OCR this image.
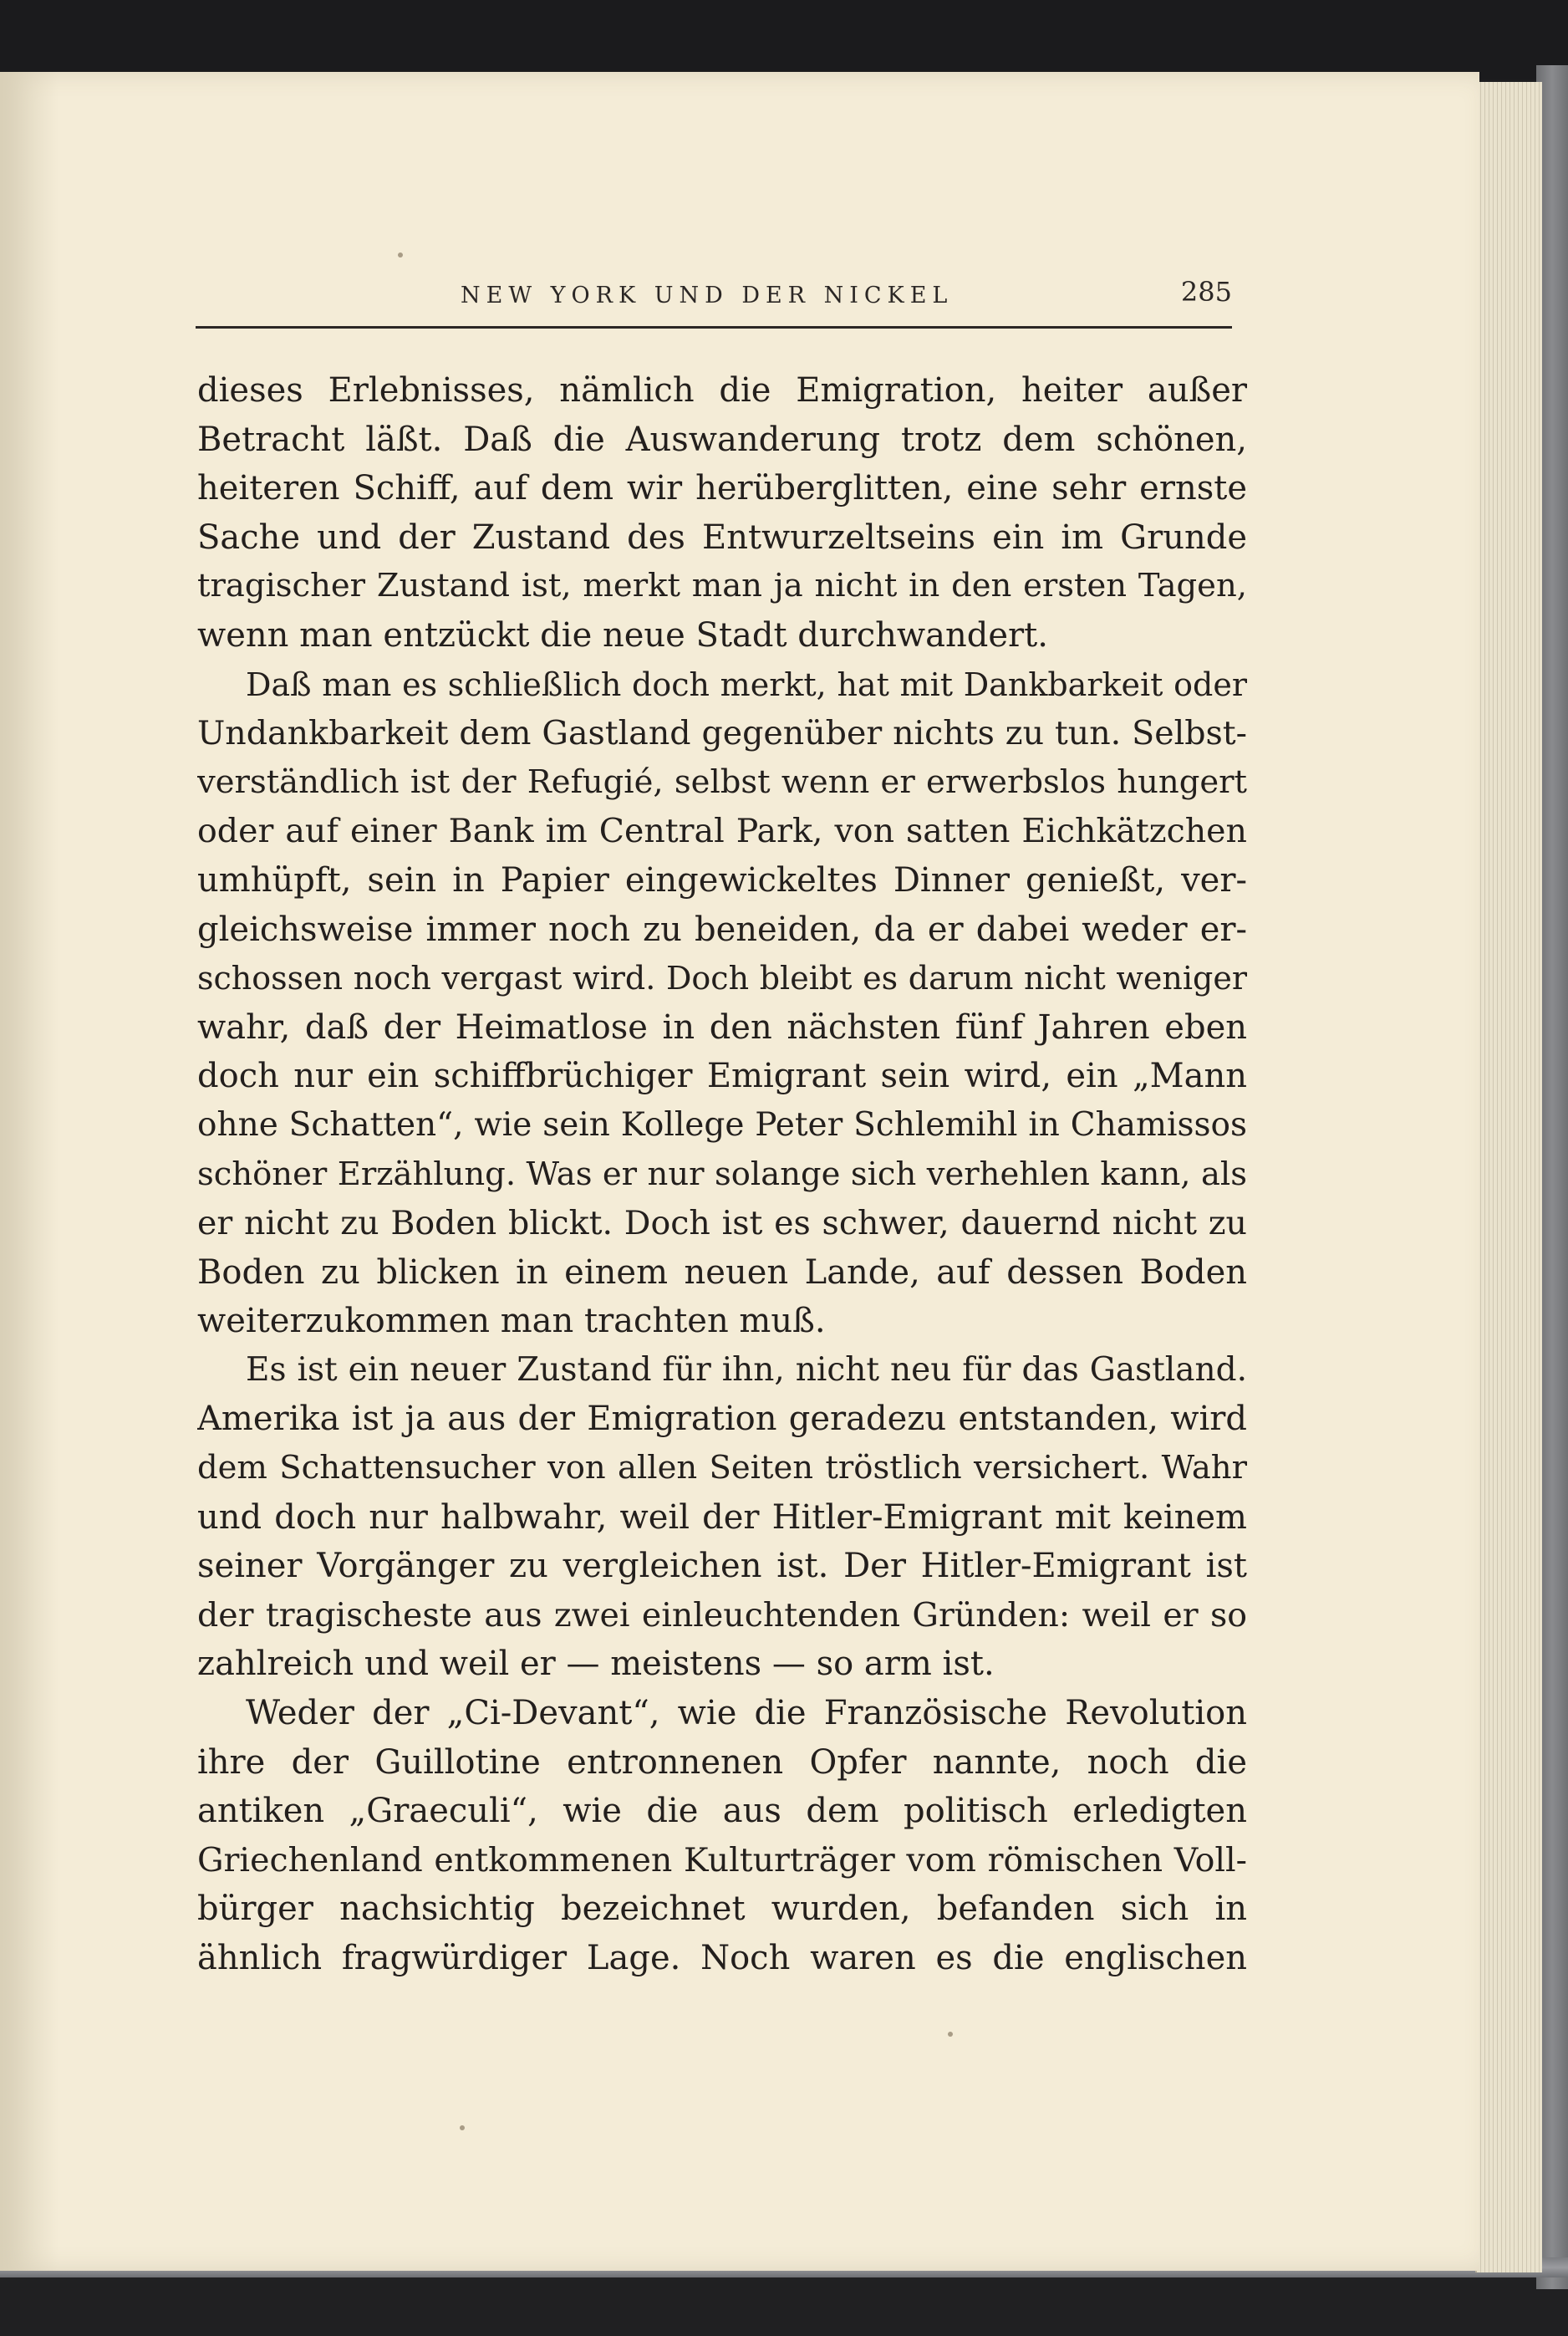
NEW YORK UND DER NICKEL	285
dieses Erlebnisses, nämlich die Emigration, heiter außer
Betracht läßt. Daß die Auswanderung trotz dem schönen,
heiteren Schiff, auf dem wir herüberglitten, eine sehr ernste
Sache und der Zustand des Entwurzeltseins ein im Grunde
tragischer Zustand ist, merkt man ja nicht in den ersten Tagen,
wenn man entzückt die neue Stadt durchwandert.
Daß man es schließlich doch merkt, hat mit Dankbarkeit oder
Undankbarkeit dem Gastland gegenüber nichts zu tun. Selbst-
verständlich ist der Refugié, selbst wenn er erwerbslos hungert
oder auf einer Bank im Central Park, von satten Eichkätzchen
umhüpft, sein in Papier eingewickeltes Dinner genießt, ver-
gleichsweise immer noch zu beneiden, da er dabei weder er-
schossen noch vergast wird. Doch bleibt es darum nicht weniger
wahr, daß der Heimatlose in den nächsten fünf Jahren eben
doch nur ein schiffbrüchiger Emigrant sein wird, ein „Mann
ohne Schatten“, wie sein Kollege Peter Schlemihl in Chamissos
schöner Erzählung. Was er nur solange sich verhehlen kann, als
er nicht zu Boden blickt. Doch ist es schwer, dauernd nicht zu
Boden zu blicken in einem neuen Lande, auf dessen Boden
weiterzukommen man trachten muß.
Es ist ein neuer Zustand für ihn, nicht neu für das Gastland.
Amerika ist ja aus der Emigration geradezu entstanden, wird
dem Schattensucher von allen Seiten tröstlich versichert. Wahr
und doch nur halbwahr, weil der Hitler-Emigrant mit keinem
seiner Vorgänger zu vergleichen ist. Der Hitler-Emigrant ist
der tragischeste aus zwei einleuchtenden Gründen: weil er so
zahlreich und weil er — meistens — so arm ist.
Weder der „Ci-Devant“, wie die Französische Revolution
ihre der Guillotine entronnenen Opfer nannte, noch die
antiken „Graeculi“, wie die aus dem politisch erledigten
Griechenland entkommenen Kulturträger vom römischen Voll-
bürger nachsichtig bezeichnet wurden, befanden sich in
ähnlich fragwürdiger Lage. Noch waren es die englischen
